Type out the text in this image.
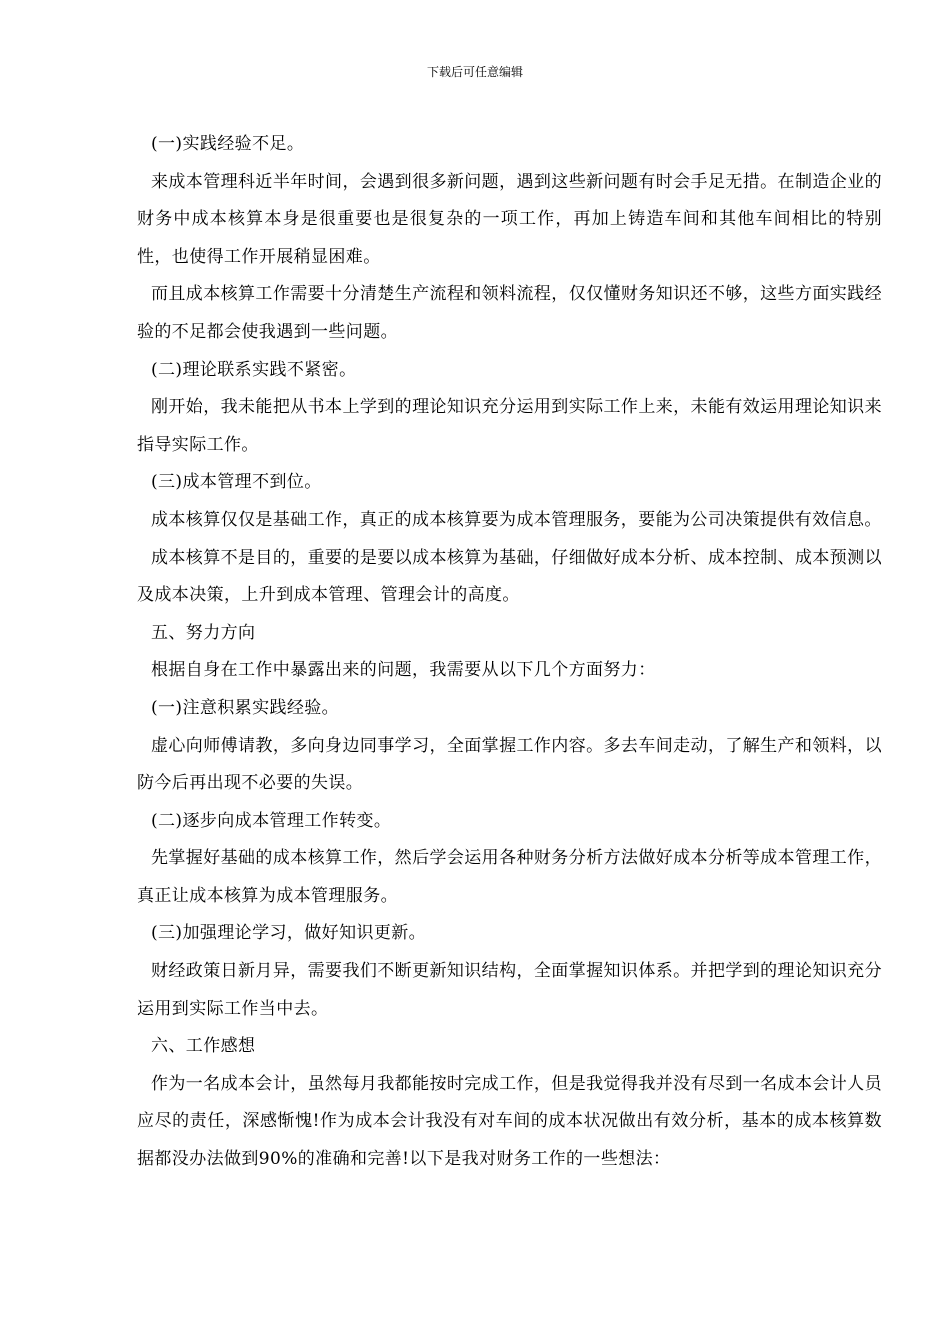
下载后可任意编辑

(一)实践经验不足。

来成本管理科近半年时间，会遇到很多新问题，遇到这些新问题有时会手足无措。在制造企业的财务中成本核算本身是很重要也是很复杂的一项工作，再加上铸造车间和其他车间相比的特别性，也使得工作开展稍显困难。

而且成本核算工作需要十分清楚生产流程和领料流程，仅仅懂财务知识还不够，这些方面实践经验的不足都会使我遇到一些问题。

(二)理论联系实践不紧密。

刚开始，我未能把从书本上学到的理论知识充分运用到实际工作上来，未能有效运用理论知识来指导实际工作。

(三)成本管理不到位。

成本核算仅仅是基础工作，真正的成本核算要为成本管理服务，要能为公司决策提供有效信息。

成本核算不是目的，重要的是要以成本核算为基础，仔细做好成本分析、成本控制、成本预测以及成本决策，上升到成本管理、管理会计的高度。

五、努力方向

根据自身在工作中暴露出来的问题，我需要从以下几个方面努力：

(一)注意积累实践经验。

虚心向师傅请教，多向身边同事学习，全面掌握工作内容。多去车间走动，了解生产和领料，以防今后再出现不必要的失误。

(二)逐步向成本管理工作转变。

先掌握好基础的成本核算工作，然后学会运用各种财务分析方法做好成本分析等成本管理工作，真正让成本核算为成本管理服务。

(三)加强理论学习，做好知识更新。

财经政策日新月异，需要我们不断更新知识结构，全面掌握知识体系。并把学到的理论知识充分运用到实际工作当中去。

六、工作感想

作为一名成本会计，虽然每月我都能按时完成工作，但是我觉得我并没有尽到一名成本会计人员应尽的责任，深感惭愧!作为成本会计我没有对车间的成本状况做出有效分析，基本的成本核算数据都没办法做到90%的准确和完善!以下是我对财务工作的一些想法：
